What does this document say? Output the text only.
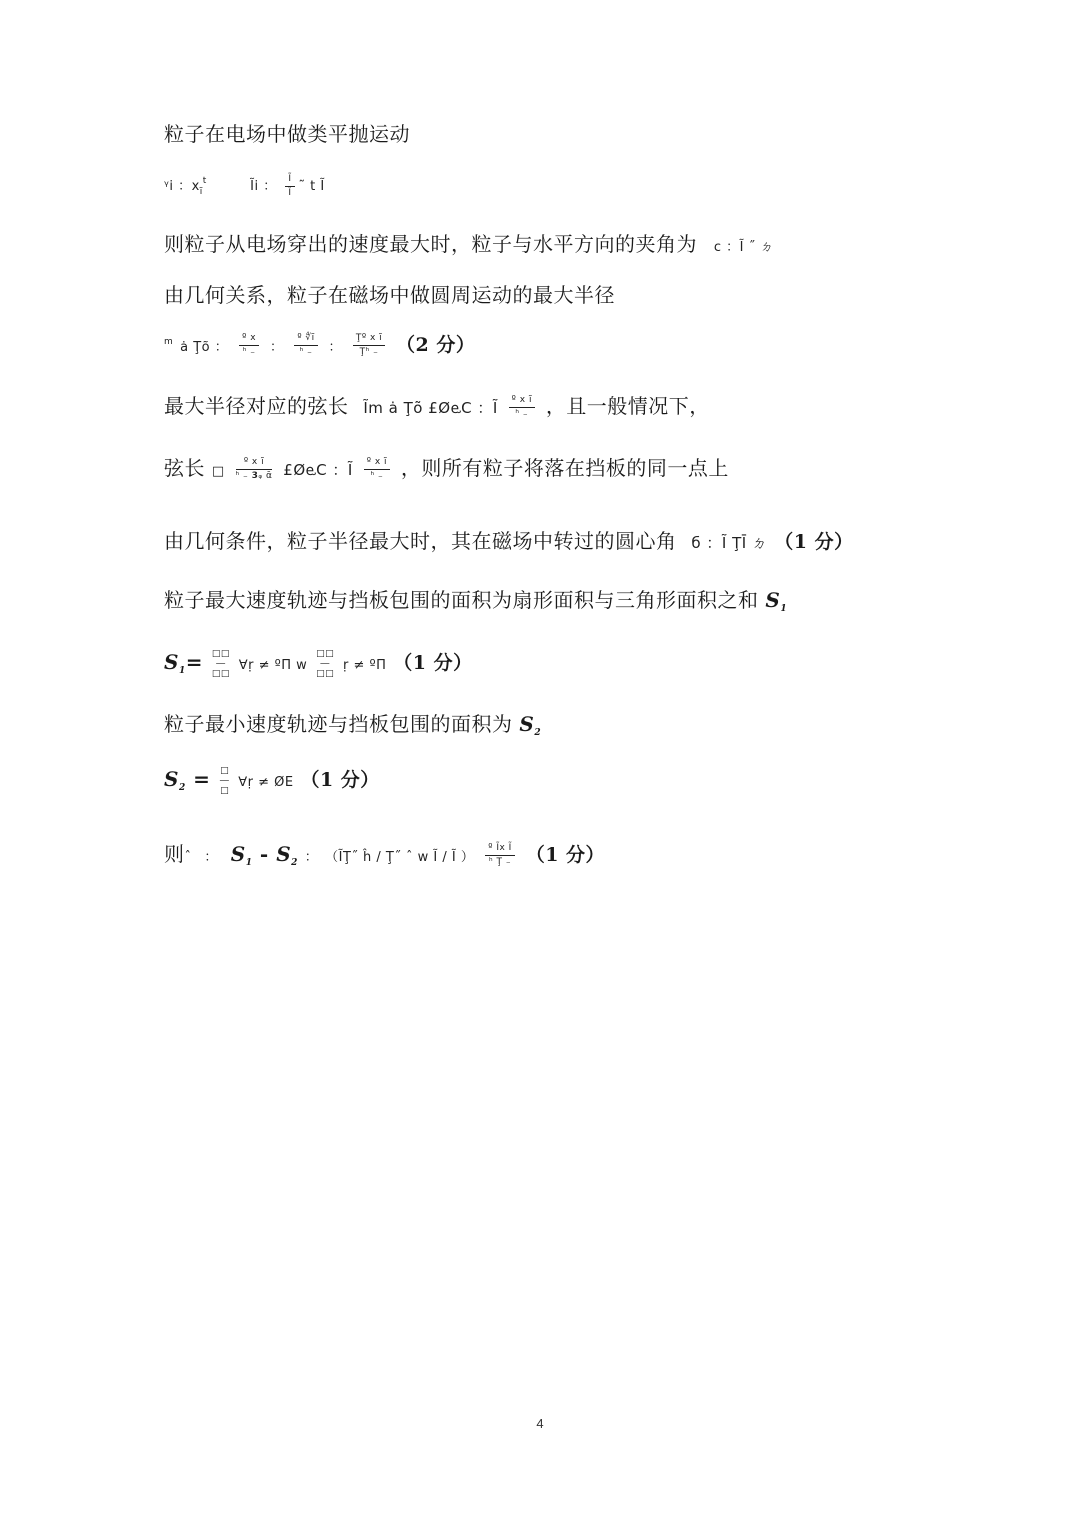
粒子在电场中做类平抛运动
ᵞi ：$x_ĩ^t$	Ĩi ： $\frac{Ĩ}{Ĩ}$ ˜ t Ĩ
则粒子从电场穿出的速度最大时，粒子与水平方向的夹角为 c ：Ĩ ˝ ㄉ
由几何关系，粒子在磁场中做圆周运动的最大半径
$^m$ ȧ Ţõ ： $\frac{\text{º x}}{\text{ʰ ₋}}$ ： $\frac{\text{º ∜ĩ}}{\text{ʰ ₋}}$ ： $\frac{\text{Ţº x ĩ}}{\text{Ţʰ ₋}} (2$ 分）
最大半径对应的弦长 Ĩm ȧ Ţõ £ØⱸC ：Ĩ $\frac{\text{º x ĩ}}{\text{ʰ ₋}}$ ，且一般情况下，
弦长 □ $\frac{\text{º x ĩ}}{\text{ʰ ₋ 𝟯ᵩ ᾱ}}$ £ØⱸC ：Ĩ $\frac{\text{º x ĩ}}{\text{ʰ ₋}}$ ，则所有粒子将落在挡板的同一点上
由几何条件，粒子半径最大时，其在磁场中转过的圆心角 б ：Ĩ ŢĪ ㄉ （1 分）
粒子最大速度轨迹与挡板包围的面积为扇形面积与三角形面积之和 $S_1$
$S_1=$ □□
―
□□ ∀ṛ ≠ ºΠ w □□
―
□□ ṛ ≠ ºΠ （1 分）
粒子最小速度轨迹与挡板包围的面积为 $S_2$
$S_2$ = □
―
□ ∀ṛ ≠ ØE （1 分）
则ˆ ： $S_1 - S_2$ ： （ĨŢ˝ ĥ / Ţ˝ ˆ w Ĩ / Ĩ ） $\frac{\text{º Ĩx Ĩ}}{\text{ʰ Ţ ₋}} (1$ 分）
4
